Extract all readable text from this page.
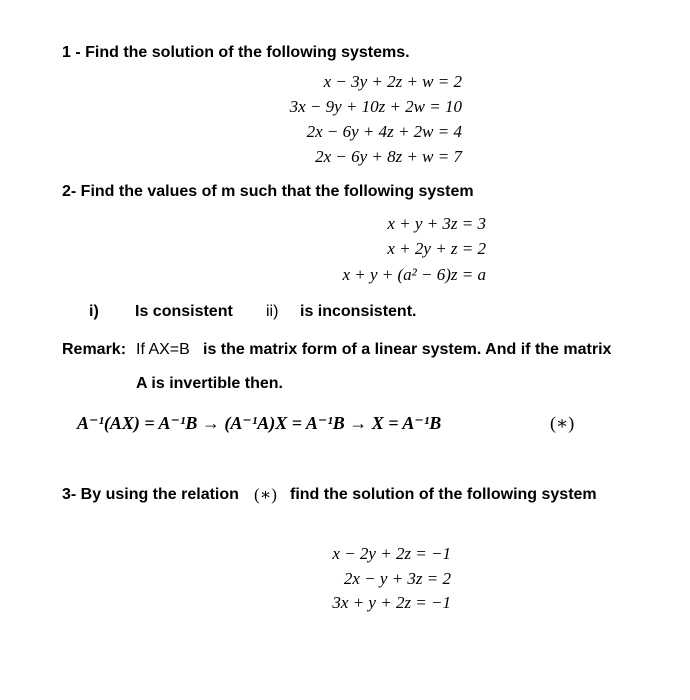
1 - Find the solution of the following systems.
x − 3y + 2z + w = 2
3x − 9y + 10z + 2w = 10
2x − 6y + 4z + 2w = 4
2x − 6y + 8z + w = 7
2- Find the values of m such that the following system
x + y + 3z = 3
x + 2y + z = 2
x + y + (a² − 6)z = a
i) Is consistent ii) is inconsistent.
Remark: If AX=B is the matrix form of a linear system. And if the matrix
A is invertible then.
A⁻¹(AX) = A⁻¹B → (A⁻¹A)X = A⁻¹B → X = A⁻¹B	(∗)
3- By using the relation (∗) find the solution of the following system
x − 2y + 2z = −1
2x − y + 3z = 2
3x + y + 2z = −1
